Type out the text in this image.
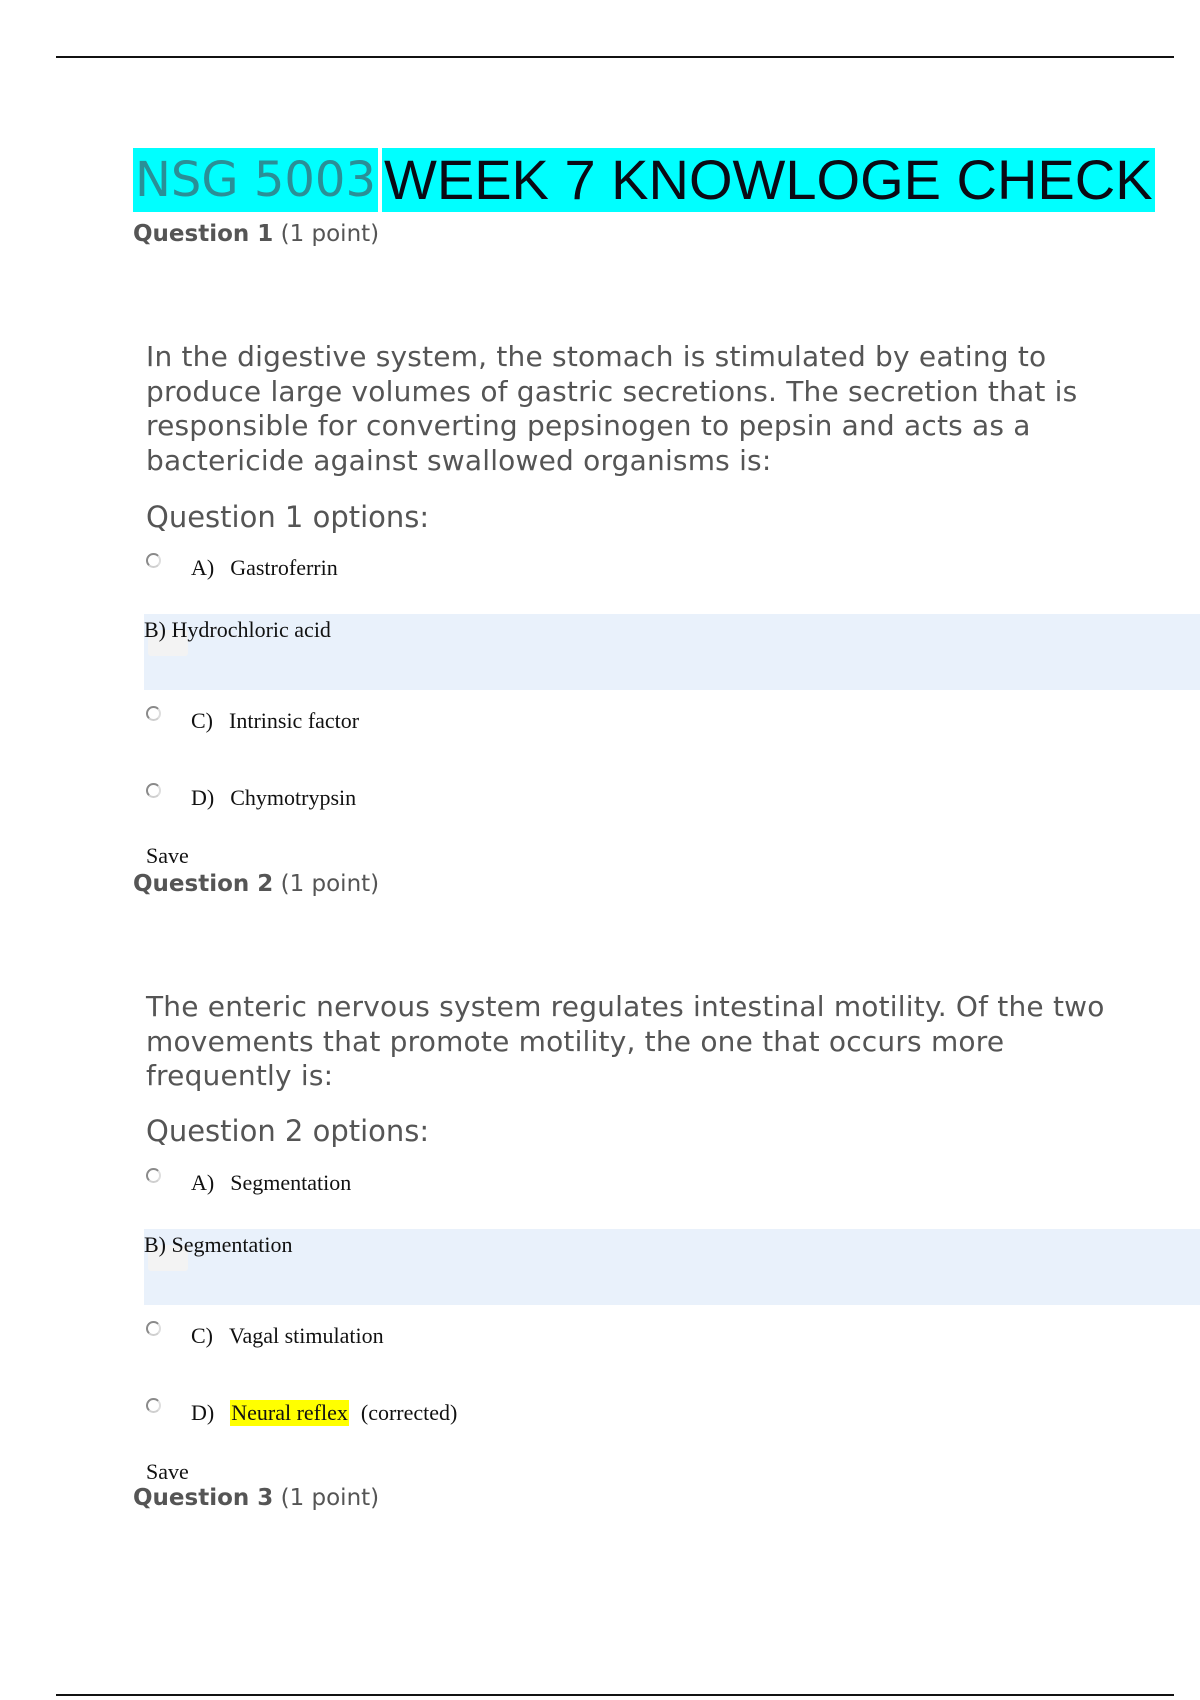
NSG 5003 WEEK 7 KNOWLOGE CHECK
Question 1 (1 point)
In the digestive system, the stomach is stimulated by eating to produce large volumes of gastric secretions. The secretion that is responsible for converting pepsinogen to pepsin and acts as a bactericide against swallowed organisms is:
Question 1 options:
A) Gastroferrin
B) Hydrochloric acid
C) Intrinsic factor
D) Chymotrypsin
Save
Question 2 (1 point)
The enteric nervous system regulates intestinal motility. Of the two movements that promote motility, the one that occurs more frequently is:
Question 2 options:
A) Segmentation
B) Segmentation
C) Vagal stimulation
D) Neural reflex (corrected)
Save
Question 3 (1 point)
